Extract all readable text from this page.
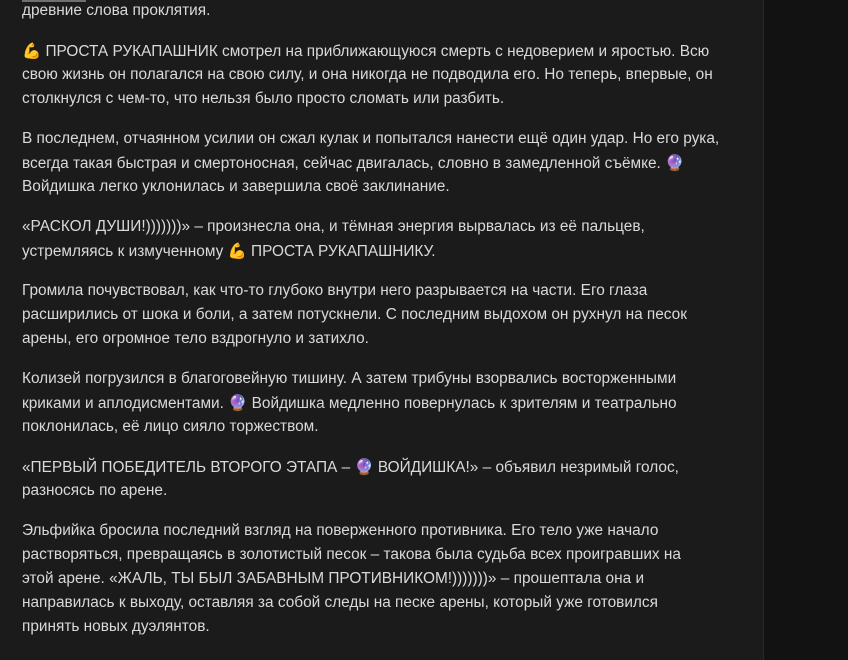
древние слова проклятия.

💪 ПРОСТА РУКАПАШНИК смотрел на приближающуюся смерть с недоверием и яростью. Всю
свою жизнь он полагался на свою силу, и она никогда не подводила его. Но теперь, впервые, он
столкнулся с чем-то, что нельзя было просто сломать или разбить.

В последнем, отчаянном усилии он сжал кулак и попытался нанести ещё один удар. Но его рука,
всегда такая быстрая и смертоносная, сейчас двигалась, словно в замедленной съёмке. 🔮
Войдишка легко уклонилась и завершила своё заклинание.

«РАСКОЛ ДУШИ!)))))))» – произнесла она, и тёмная энергия вырвалась из её пальцев,
устремляясь к измученному 💪 ПРОСТА РУКАПАШНИКУ.

Громила почувствовал, как что-то глубоко внутри него разрывается на части. Его глаза
расширились от шока и боли, а затем потускнели. С последним выдохом он рухнул на песок
арены, его огромное тело вздрогнуло и затихло.

Колизей погрузился в благоговейную тишину. А затем трибуны взорвались восторженными
криками и аплодисментами. 🔮 Войдишка медленно повернулась к зрителям и театрально
поклонилась, её лицо сияло торжеством.

«ПЕРВЫЙ ПОБЕДИТЕЛЬ ВТОРОГО ЭТАПА – 🔮 ВОЙДИШКА!» – объявил незримый голос,
разносясь по арене.

Эльфийка бросила последний взгляд на поверженного противника. Его тело уже начало
растворяться, превращаясь в золотистый песок – такова была судьба всех проигравших на
этой арене. «ЖАЛЬ, ТЫ БЫЛ ЗАБАВНЫМ ПРОТИВНИКОМ!)))))))» – прошептала она и
направилась к выходу, оставляя за собой следы на песке арены, который уже готовился
принять новых дуэлянтов.
